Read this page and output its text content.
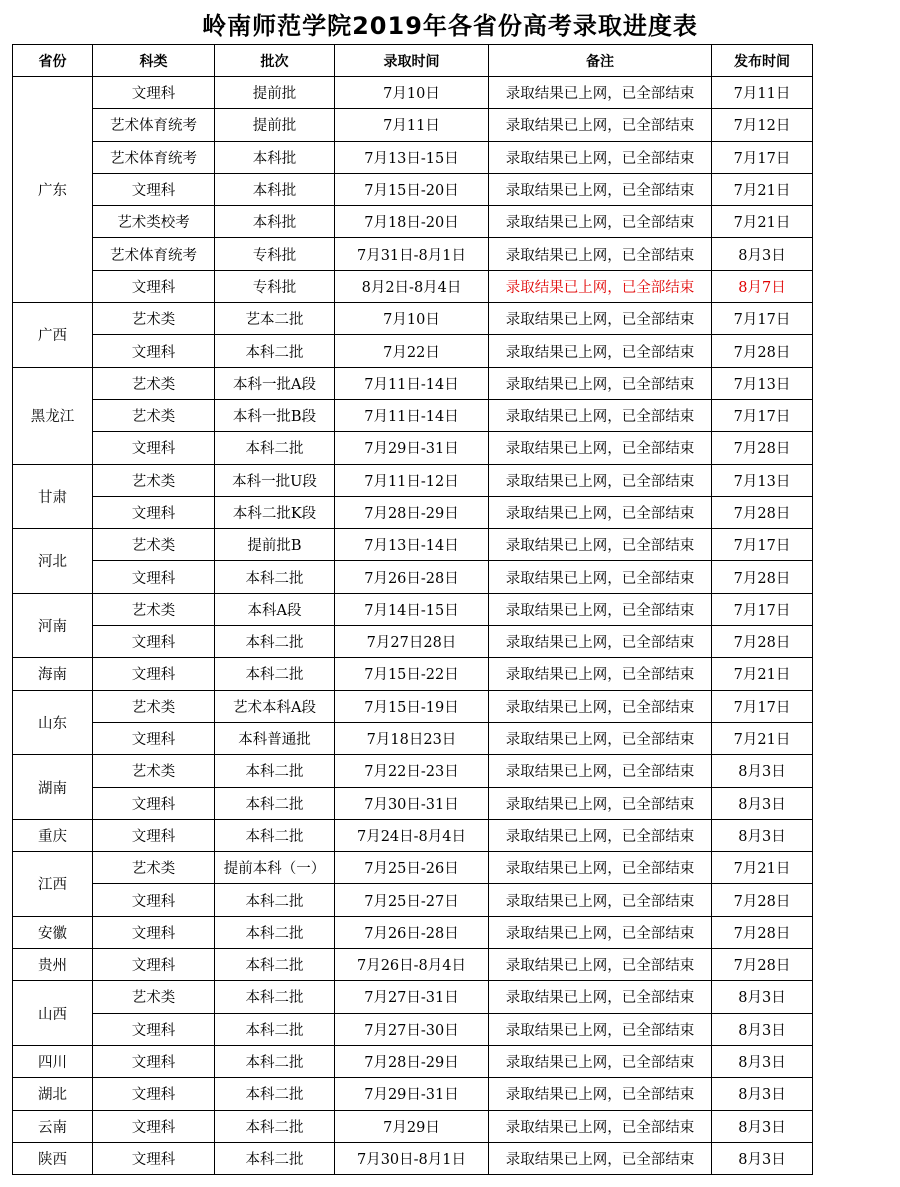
岭南师范学院2019年各省份高考录取进度表
省份	科类	批次	录取时间	备注	发布时间
广东	文理科	提前批	7月10日	录取结果已上网，已全部结束	7月11日
	艺术体育统考	提前批	7月11日	录取结果已上网，已全部结束	7月12日
	艺术体育统考	本科批	7月13日-15日	录取结果已上网，已全部结束	7月17日
	文理科	本科批	7月15日-20日	录取结果已上网，已全部结束	7月21日
	艺术类校考	本科批	7月18日-20日	录取结果已上网，已全部结束	7月21日
	艺术体育统考	专科批	7月31日-8月1日	录取结果已上网，已全部结束	8月3日
	文理科	专科批	8月2日-8月4日	录取结果已上网，已全部结束	8月7日
广西	艺术类	艺本二批	7月10日	录取结果已上网，已全部结束	7月17日
	文理科	本科二批	7月22日	录取结果已上网，已全部结束	7月28日
黑龙江	艺术类	本科一批A段	7月11日-14日	录取结果已上网，已全部结束	7月13日
	艺术类	本科一批B段	7月11日-14日	录取结果已上网，已全部结束	7月17日
	文理科	本科二批	7月29日-31日	录取结果已上网，已全部结束	7月28日
甘肃	艺术类	本科一批U段	7月11日-12日	录取结果已上网，已全部结束	7月13日
	文理科	本科二批K段	7月28日-29日	录取结果已上网，已全部结束	7月28日
河北	艺术类	提前批B	7月13日-14日	录取结果已上网，已全部结束	7月17日
	文理科	本科二批	7月26日-28日	录取结果已上网，已全部结束	7月28日
河南	艺术类	本科A段	7月14日-15日	录取结果已上网，已全部结束	7月17日
	文理科	本科二批	7月27日28日	录取结果已上网，已全部结束	7月28日
海南	文理科	本科二批	7月15日-22日	录取结果已上网，已全部结束	7月21日
山东	艺术类	艺术本科A段	7月15日-19日	录取结果已上网，已全部结束	7月17日
	文理科	本科普通批	7月18日23日	录取结果已上网，已全部结束	7月21日
湖南	艺术类	本科二批	7月22日-23日	录取结果已上网，已全部结束	8月3日
	文理科	本科二批	7月30日-31日	录取结果已上网，已全部结束	8月3日
重庆	文理科	本科二批	7月24日-8月4日	录取结果已上网，已全部结束	8月3日
江西	艺术类	提前本科（一）	7月25日-26日	录取结果已上网，已全部结束	7月21日
	文理科	本科二批	7月25日-27日	录取结果已上网，已全部结束	7月28日
安徽	文理科	本科二批	7月26日-28日	录取结果已上网，已全部结束	7月28日
贵州	文理科	本科二批	7月26日-8月4日	录取结果已上网，已全部结束	7月28日
山西	艺术类	本科二批	7月27日-31日	录取结果已上网，已全部结束	8月3日
	文理科	本科二批	7月27日-30日	录取结果已上网，已全部结束	8月3日
四川	文理科	本科二批	7月28日-29日	录取结果已上网，已全部结束	8月3日
湖北	文理科	本科二批	7月29日-31日	录取结果已上网，已全部结束	8月3日
云南	文理科	本科二批	7月29日	录取结果已上网，已全部结束	8月3日
陕西	文理科	本科二批	7月30日-8月1日	录取结果已上网，已全部结束	8月3日
